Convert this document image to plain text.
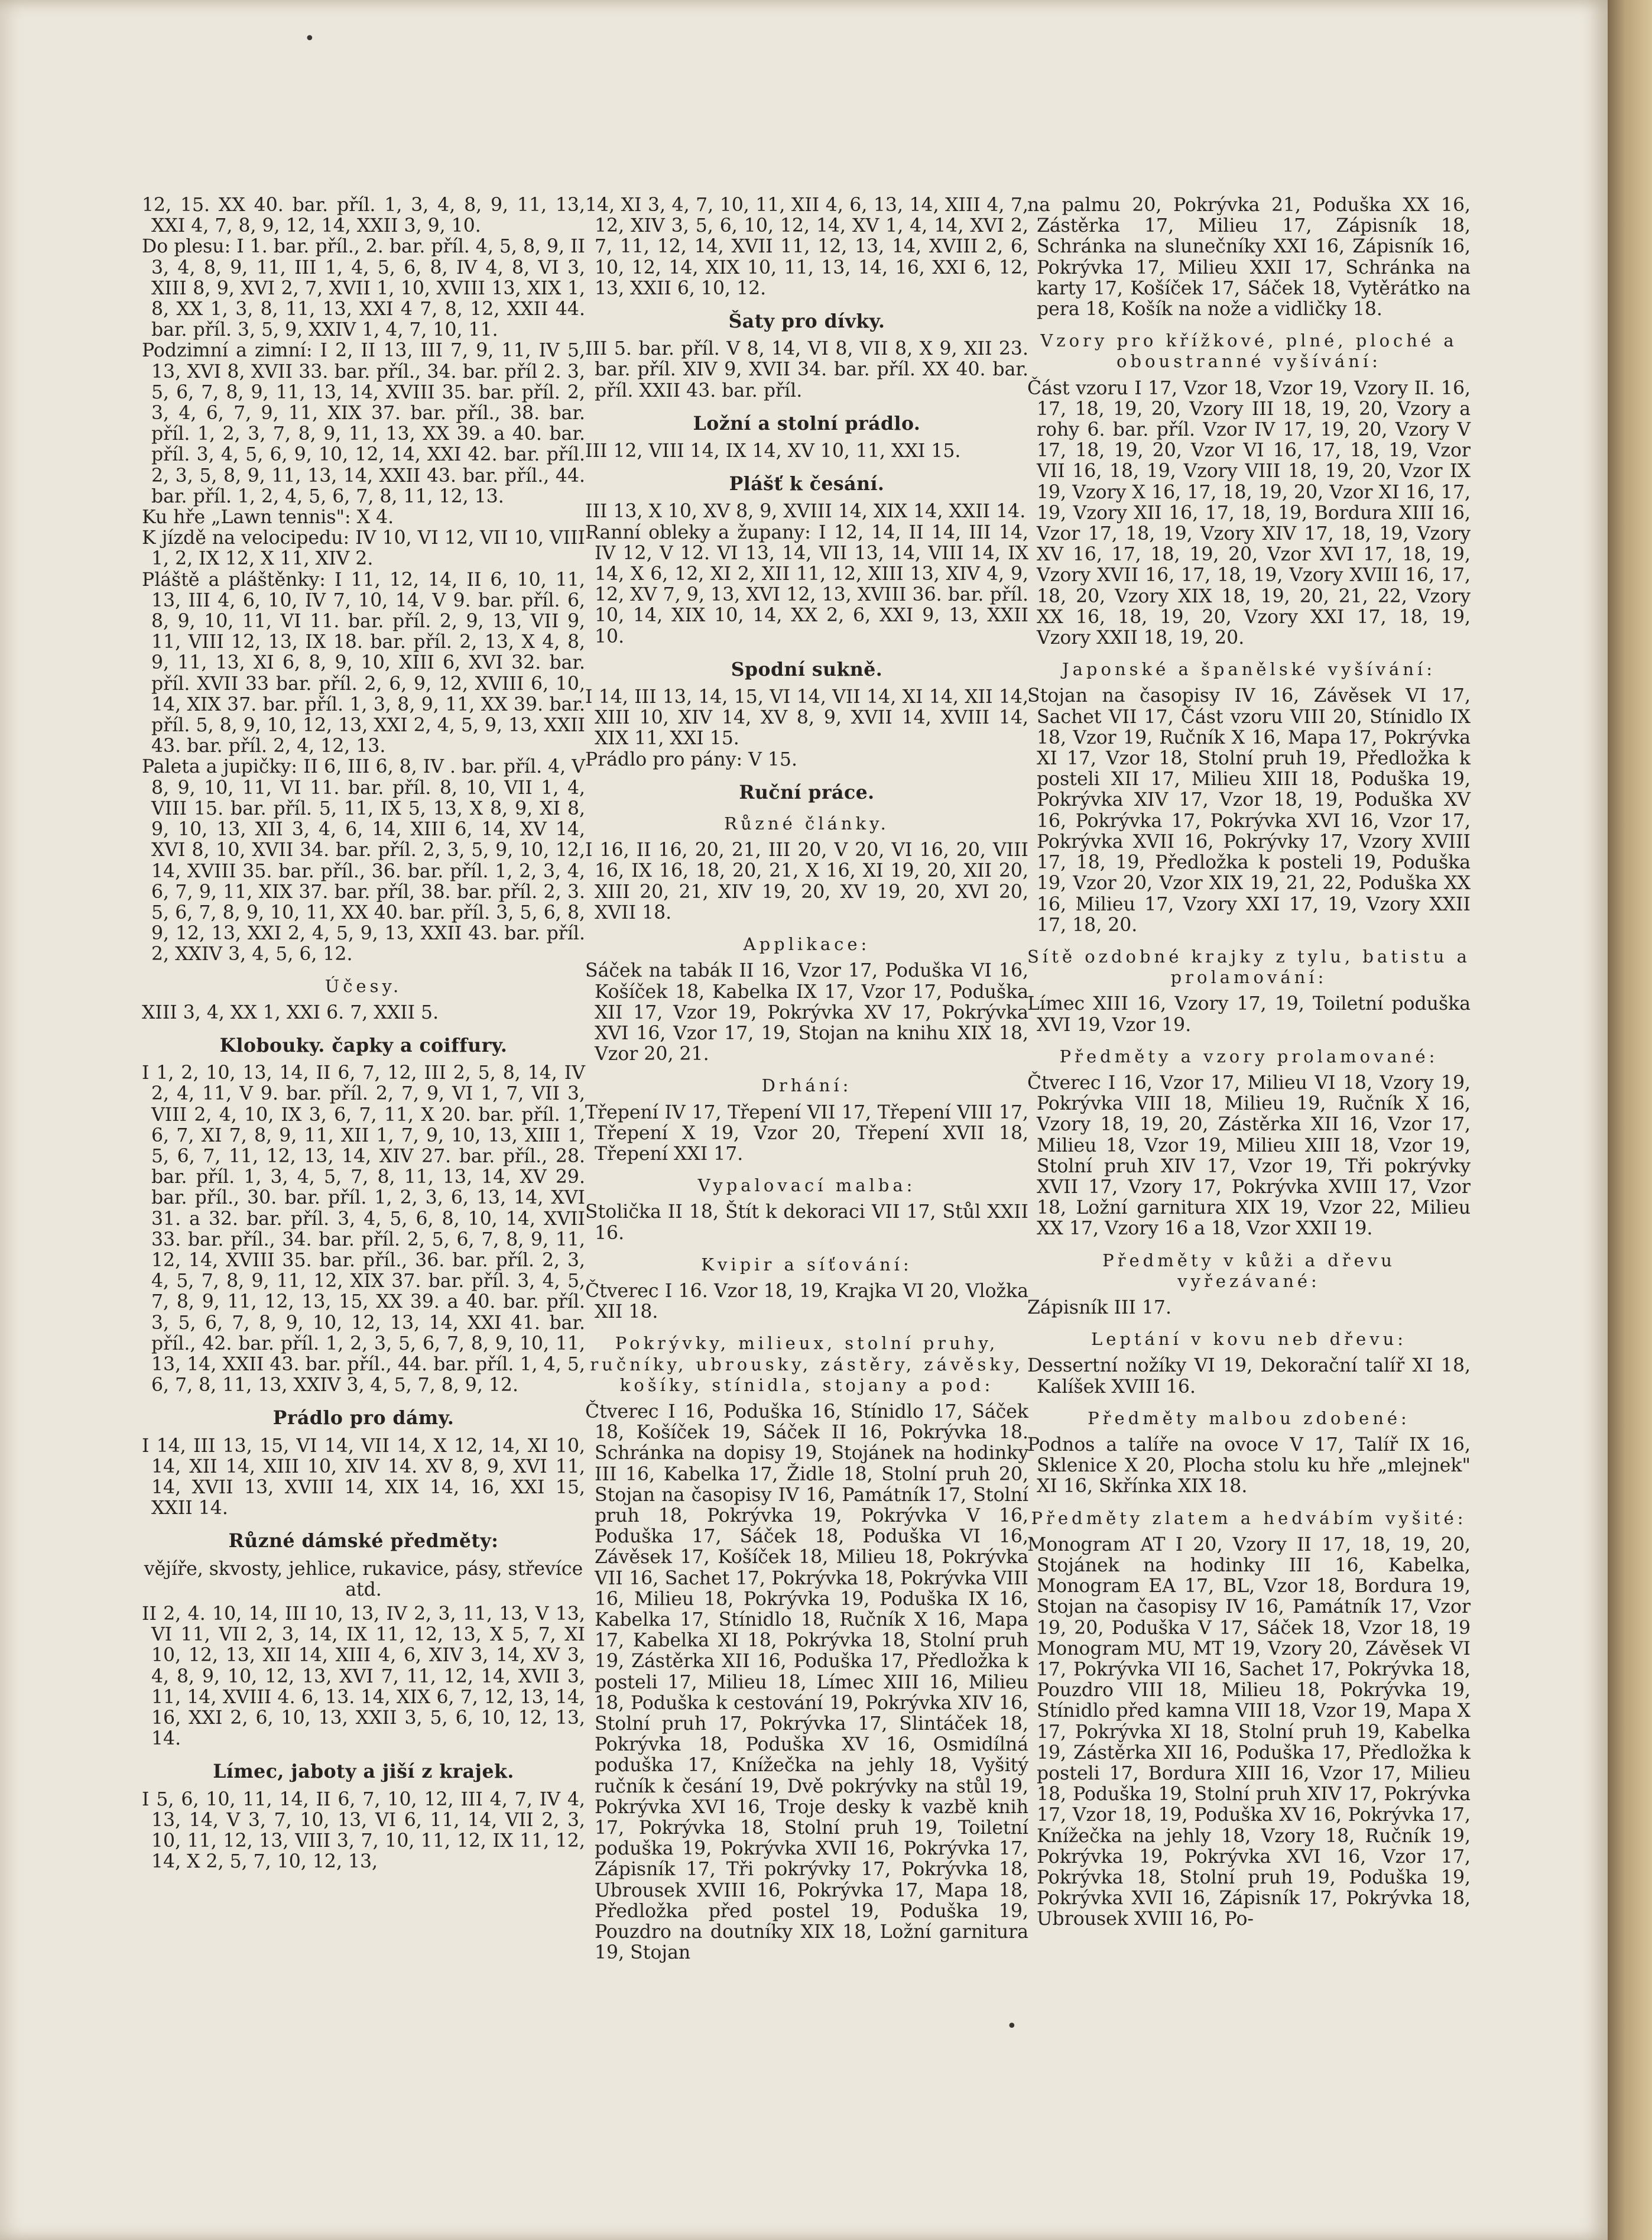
•
•

12, 15. XX 40. bar. příl. 1, 3, 4, 8, 9, 11, 13, XXI 4, 7, 8, 9, 12, 14, XXII 3, 9, 10.

Do plesu: I 1. bar. příl., 2. bar. příl. 4, 5, 8, 9, II 3, 4, 8, 9, 11, III 1, 4, 5, 6, 8, IV 4, 8, VI 3, XIII 8, 9, XVI 2, 7, XVII 1, 10, XVIII 13, XIX 1, 8, XX 1, 3, 8, 11, 13, XXI 4 7, 8, 12, XXII 44. bar. příl. 3, 5, 9, XXIV 1, 4, 7, 10, 11.

Podzimní a zimní: I 2, II 13, III 7, 9, 11, IV 5, 13, XVI 8, XVII 33. bar. příl., 34. bar. příl 2. 3, 5, 6, 7, 8, 9, 11, 13, 14, XVIII 35. bar. příl. 2, 3, 4, 6, 7, 9, 11, XIX 37. bar. příl., 38. bar. příl. 1, 2, 3, 7, 8, 9, 11, 13, XX 39. a 40. bar. příl. 3, 4, 5, 6, 9, 10, 12, 14, XXI 42. bar. příl. 2, 3, 5, 8, 9, 11, 13, 14, XXII 43. bar. příl., 44. bar. příl. 1, 2, 4, 5, 6, 7, 8, 11, 12, 13.

Ku hře „Lawn tennis": X 4.

K jízdě na velocipedu: IV 10, VI 12, VII 10, VIII 1, 2, IX 12, X 11, XIV 2.

Pláště a pláštěnky: I 11, 12, 14, II 6, 10, 11, 13, III 4, 6, 10, IV 7, 10, 14, V 9. bar. příl. 6, 8, 9, 10, 11, VI 11. bar. příl. 2, 9, 13, VII 9, 11, VIII 12, 13, IX 18. bar. příl. 2, 13, X 4, 8, 9, 11, 13, XI 6, 8, 9, 10, XIII 6, XVI 32. bar. příl. XVII 33 bar. příl. 2, 6, 9, 12, XVIII 6, 10, 14, XIX 37. bar. příl. 1, 3, 8, 9, 11, XX 39. bar. příl. 5, 8, 9, 10, 12, 13, XXI 2, 4, 5, 9, 13, XXII 43. bar. příl. 2, 4, 12, 13.

Paleta a jupičky: II 6, III 6, 8, IV . bar. příl. 4, V 8, 9, 10, 11, VI 11. bar. příl. 8, 10, VII 1, 4, VIII 15. bar. příl. 5, 11, IX 5, 13, X 8, 9, XI 8, 9, 10, 13, XII 3, 4, 6, 14, XIII 6, 14, XV 14, XVI 8, 10, XVII 34. bar. příl. 2, 3, 5, 9, 10, 12, 14, XVIII 35. bar. příl., 36. bar. příl. 1, 2, 3, 4, 6, 7, 9, 11, XIX 37. bar. příl, 38. bar. příl. 2, 3. 5, 6, 7, 8, 9, 10, 11, XX 40. bar. příl. 3, 5, 6, 8, 9, 12, 13, XXI 2, 4, 5, 9, 13, XXII 43. bar. příl. 2, XXIV 3, 4, 5, 6, 12.

Účesy.

XIII 3, 4, XX 1, XXI 6. 7, XXII 5.

Klobouky. čapky a coiffury.

I 1, 2, 10, 13, 14, II 6, 7, 12, III 2, 5, 8, 14, IV 2, 4, 11, V 9. bar. příl. 2, 7, 9, VI 1, 7, VII 3, VIII 2, 4, 10, IX 3, 6, 7, 11, X 20. bar. příl. 1, 6, 7, XI 7, 8, 9, 11, XII 1, 7, 9, 10, 13, XIII 1, 5, 6, 7, 11, 12, 13, 14, XIV 27. bar. příl., 28. bar. příl. 1, 3, 4, 5, 7, 8, 11, 13, 14, XV 29. bar. příl., 30. bar. příl. 1, 2, 3, 6, 13, 14, XVI 31. a 32. bar. příl. 3, 4, 5, 6, 8, 10, 14, XVII 33. bar. příl., 34. bar. příl. 2, 5, 6, 7, 8, 9, 11, 12, 14, XVIII 35. bar. příl., 36. bar. příl. 2, 3, 4, 5, 7, 8, 9, 11, 12, XIX 37. bar. příl. 3, 4, 5, 7, 8, 9, 11, 12, 13, 15, XX 39. a 40. bar. příl. 3, 5, 6, 7, 8, 9, 10, 12, 13, 14, XXI 41. bar. příl., 42. bar. příl. 1, 2, 3, 5, 6, 7, 8, 9, 10, 11, 13, 14, XXII 43. bar. příl., 44. bar. příl. 1, 4, 5, 6, 7, 8, 11, 13, XXIV 3, 4, 5, 7, 8, 9, 12.

Prádlo pro dámy.

I 14, III 13, 15, VI 14, VII 14, X 12, 14, XI 10, 14, XII 14, XIII 10, XIV 14. XV 8, 9, XVI 11, 14, XVII 13, XVIII 14, XIX 14, 16, XXI 15, XXII 14.

Různé dámské předměty:

vějíře, skvosty, jehlice, rukavice, pásy, střevíce atd.

II 2, 4. 10, 14, III 10, 13, IV 2, 3, 11, 13, V 13, VI 11, VII 2, 3, 14, IX 11, 12, 13, X 5, 7, XI 10, 12, 13, XII 14, XIII 4, 6, XIV 3, 14, XV 3, 4, 8, 9, 10, 12, 13, XVI 7, 11, 12, 14, XVII 3, 11, 14, XVIII 4. 6, 13. 14, XIX 6, 7, 12, 13, 14, 16, XXI 2, 6, 10, 13, XXII 3, 5, 6, 10, 12, 13, 14.

Límec, jaboty a jiší z krajek.

I 5, 6, 10, 11, 14, II 6, 7, 10, 12, III 4, 7, IV 4, 13, 14, V 3, 7, 10, 13, VI 6, 11, 14, VII 2, 3, 10, 11, 12, 13, VIII 3, 7, 10, 11, 12, IX 11, 12, 14, X 2, 5, 7, 10, 12, 13,

14, XI 3, 4, 7, 10, 11, XII 4, 6, 13, 14, XIII 4, 7, 12, XIV 3, 5, 6, 10, 12, 14, XV 1, 4, 14, XVI 2, 7, 11, 12, 14, XVII 11, 12, 13, 14, XVIII 2, 6, 10, 12, 14, XIX 10, 11, 13, 14, 16, XXI 6, 12, 13, XXII 6, 10, 12.

Šaty pro dívky.

III 5. bar. příl. V 8, 14, VI 8, VII 8, X 9, XII 23. bar. příl. XIV 9, XVII 34. bar. příl. XX 40. bar. příl. XXII 43. bar. příl.

Ložní a stolní prádlo.

III 12, VIII 14, IX 14, XV 10, 11, XXI 15.

Plášť k česání.

III 13, X 10, XV 8, 9, XVIII 14, XIX 14, XXII 14.

Ranní obleky a župany: I 12, 14, II 14, III 14, IV 12, V 12. VI 13, 14, VII 13, 14, VIII 14, IX 14, X 6, 12, XI 2, XII 11, 12, XIII 13, XIV 4, 9, 12, XV 7, 9, 13, XVI 12, 13, XVIII 36. bar. příl. 10, 14, XIX 10, 14, XX 2, 6, XXI 9, 13, XXII 10.

Spodní sukně.

I 14, III 13, 14, 15, VI 14, VII 14, XI 14, XII 14, XIII 10, XIV 14, XV 8, 9, XVII 14, XVIII 14, XIX 11, XXI 15.

Prádlo pro pány: V 15.

Ruční práce.
Různé články.

I 16, II 16, 20, 21, III 20, V 20, VI 16, 20, VIII 16, IX 16, 18, 20, 21, X 16, XI 19, 20, XII 20, XIII 20, 21, XIV 19, 20, XV 19, 20, XVI 20, XVII 18.

Applikace:

Sáček na tabák II 16, Vzor 17, Poduška VI 16, Košíček 18, Kabelka IX 17, Vzor 17, Poduška XII 17, Vzor 19, Pokrývka XV 17, Pokrývka XVI 16, Vzor 17, 19, Stojan na knihu XIX 18, Vzor 20, 21.

Drhání:

Třepení IV 17, Třepení VII 17, Třepení VIII 17, Třepení X 19, Vzor 20, Třepení XVII 18, Třepení XXI 17.

Vypalovací malba:

Stolička II 18, Štít k dekoraci VII 17, Stůl XXII 16.

Kvipir a síťování:

Čtverec I 16. Vzor 18, 19, Krajka VI 20, Vložka XII 18.

Pokrývky, milieux, stolní pruhy, ručníky, ubrousky, zástěry, závěsky, košíky, stínidla, stojany a pod:

Čtverec I 16, Poduška 16, Stínidlo 17, Sáček 18, Košíček 19, Sáček II 16, Pokrývka 18. Schránka na dopisy 19, Stojánek na hodinky III 16, Kabelka 17, Židle 18, Stolní pruh 20, Stojan na časopisy IV 16, Památník 17, Stolní pruh 18, Pokrývka 19, Pokrývka V 16, Poduška 17, Sáček 18, Poduška VI 16, Závěsek 17, Košíček 18, Milieu 18, Pokrývka VII 16, Sachet 17, Pokrývka 18, Pokrývka VIII 16, Milieu 18, Pokrývka 19, Poduška IX 16, Kabelka 17, Stínidlo 18, Ručník X 16, Mapa 17, Kabelka XI 18, Pokrývka 18, Stolní pruh 19, Zástěrka XII 16, Poduška 17, Předložka k posteli 17, Milieu 18, Límec XIII 16, Milieu 18, Poduška k cestování 19, Pokrývka XIV 16, Stolní pruh 17, Pokrývka 17, Slintáček 18, Pokrývka 18, Poduška XV 16, Osmidílná poduška 17, Knížečka na jehly 18, Vyšitý ručník k česání 19, Dvě pokrývky na stůl 19, Pokrývka XVI 16, Troje desky k vazbě knih 17, Pokrývka 18, Stolní pruh 19, Toiletní poduška 19, Pokrývka XVII 16, Pokrývka 17, Zápisník 17, Tři pokrývky 17, Pokrývka 18, Ubrousek XVIII 16, Pokrývka 17, Mapa 18, Předložka před postel 19, Poduška 19, Pouzdro na doutníky XIX 18, Ložní garnitura 19, Stojan

na palmu 20, Pokrývka 21, Poduška XX 16, Zástěrka 17, Milieu 17, Zápisník 18, Schránka na slunečníky XXI 16, Zápisník 16, Pokrývka 17, Milieu XXII 17, Schránka na karty 17, Košíček 17, Sáček 18, Vytěrátko na pera 18, Košík na nože a vidličky 18.

Vzory pro křížkové, plné, ploché a oboustranné vyšívání:

Část vzoru I 17, Vzor 18, Vzor 19, Vzory II. 16, 17, 18, 19, 20, Vzory III 18, 19, 20, Vzory a rohy 6. bar. příl. Vzor IV 17, 19, 20, Vzory V 17, 18, 19, 20, Vzor VI 16, 17, 18, 19, Vzor VII 16, 18, 19, Vzory VIII 18, 19, 20, Vzor IX 19, Vzory X 16, 17, 18, 19, 20, Vzor XI 16, 17, 19, Vzory XII 16, 17, 18, 19, Bordura XIII 16, Vzor 17, 18, 19, Vzory XIV 17, 18, 19, Vzory XV 16, 17, 18, 19, 20, Vzor XVI 17, 18, 19, Vzory XVII 16, 17, 18, 19, Vzory XVIII 16, 17, 18, 20, Vzory XIX 18, 19, 20, 21, 22, Vzory XX 16, 18, 19, 20, Vzory XXI 17, 18, 19, Vzory XXII 18, 19, 20.

Japonské a španělské vyšívání:

Stojan na časopisy IV 16, Závěsek VI 17, Sachet VII 17, Část vzoru VIII 20, Stínidlo IX 18, Vzor 19, Ručník X 16, Mapa 17, Pokrývka XI 17, Vzor 18, Stolní pruh 19, Předložka k posteli XII 17, Milieu XIII 18, Poduška 19, Pokrývka XIV 17, Vzor 18, 19, Poduška XV 16, Pokrývka 17, Pokrývka XVI 16, Vzor 17, Pokrývka XVII 16, Pokrývky 17, Vzory XVIII 17, 18, 19, Předložka k posteli 19, Poduška 19, Vzor 20, Vzor XIX 19, 21, 22, Poduška XX 16, Milieu 17, Vzory XXI 17, 19, Vzory XXII 17, 18, 20.

Sítě ozdobné krajky z tylu, batistu a prolamování:

Límec XIII 16, Vzory 17, 19, Toiletní poduška XVI 19, Vzor 19.

Předměty a vzory prolamované:

Čtverec I 16, Vzor 17, Milieu VI 18, Vzory 19, Pokrývka VIII 18, Milieu 19, Ručník X 16, Vzory 18, 19, 20, Zástěrka XII 16, Vzor 17, Milieu 18, Vzor 19, Milieu XIII 18, Vzor 19, Stolní pruh XIV 17, Vzor 19, Tři pokrývky XVII 17, Vzory 17, Pokrývka XVIII 17, Vzor 18, Ložní garnitura XIX 19, Vzor 22, Milieu XX 17, Vzory 16 a 18, Vzor XXII 19.

Předměty v kůži a dřevu vyřezávané:

Zápisník III 17.

Leptání v kovu neb dřevu:

Dessertní nožíky VI 19, Dekorační talíř XI 18, Kalíšek XVIII 16.

Předměty malbou zdobené:

Podnos a talíře na ovoce V 17, Talíř IX 16, Sklenice X 20, Plocha stolu ku hře „mlejnek" XI 16, Skřínka XIX 18.

Předměty zlatem a hedvábím vyšité:

Monogram AT I 20, Vzory II 17, 18, 19, 20, Stojánek na hodinky III 16, Kabelka, Monogram EA 17, BL, Vzor 18, Bordura 19, Stojan na časopisy IV 16, Památník 17, Vzor 19, 20, Poduška V 17, Sáček 18, Vzor 18, 19 Monogram MU, MT 19, Vzory 20, Závěsek VI 17, Pokrývka VII 16, Sachet 17, Pokrývka 18, Pouzdro VIII 18, Milieu 18, Pokrývka 19, Stínidlo před kamna VIII 18, Vzor 19, Mapa X 17, Pokrývka XI 18, Stolní pruh 19, Kabelka 19, Zástěrka XII 16, Poduška 17, Předložka k posteli 17, Bordura XIII 16, Vzor 17, Milieu 18, Poduška 19, Stolní pruh XIV 17, Pokrývka 17, Vzor 18, 19, Poduška XV 16, Pokrývka 17, Knížečka na jehly 18, Vzory 18, Ručník 19, Pokrývka 19, Pokrývka XVI 16, Vzor 17, Pokrývka 18, Stolní pruh 19, Poduška 19, Pokrývka XVII 16, Zápisník 17, Pokrývka 18, Ubrousek XVIII 16, Po-
